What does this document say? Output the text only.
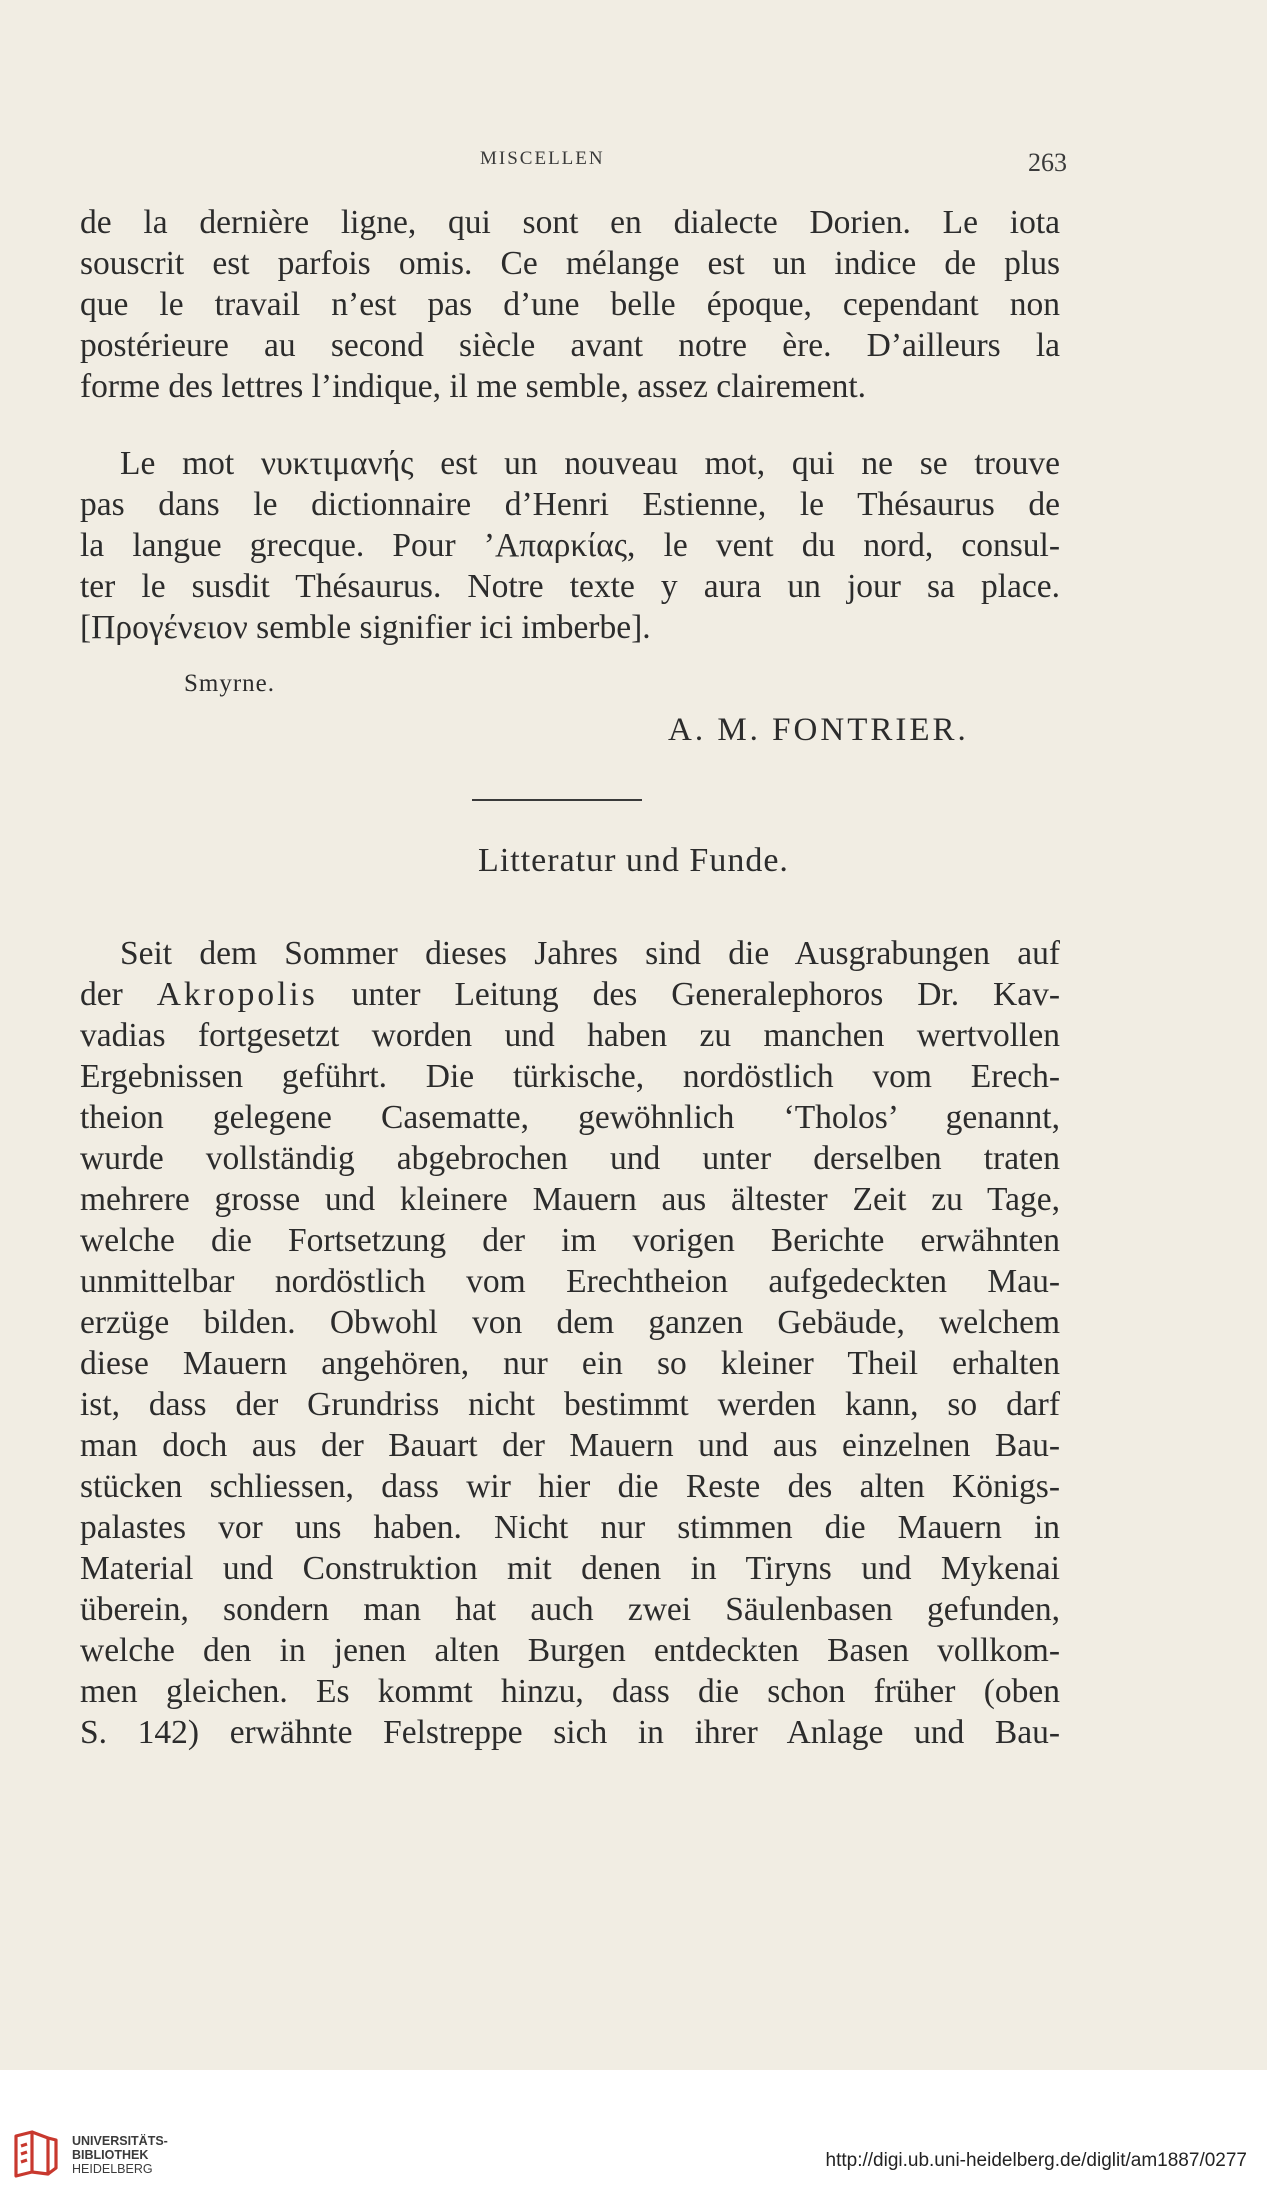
MISCELLEN	263
de la dernière ligne, qui sont en dialecte Dorien. Le iota
souscrit est parfois omis. Ce mélange est un indice de plus
que le travail n’est pas d’une belle époque, cependant non
postérieure au second siècle avant notre ère. D’ailleurs la
forme des lettres l’indique, il me semble, assez clairement.
Le mot νυκτιμανής est un nouveau mot, qui ne se trouve
pas dans le dictionnaire d’Henri Estienne, le Thésaurus de
la langue grecque. Pour ’Απαρκίας, le vent du nord, consul-
ter le susdit Thésaurus. Notre texte y aura un jour sa place.
[Προγένειον semble signifier ici imberbe].
Smyrne.
A. M. FONTRIER.
Litteratur und Funde.
Seit dem Sommer dieses Jahres sind die Ausgrabungen auf
der Akropolis unter Leitung des Generalephoros Dr. Kav-
vadias fortgesetzt worden und haben zu manchen wertvollen
Ergebnissen geführt. Die türkische, nordöstlich vom Erech-
theion gelegene Casematte, gewöhnlich ‘Tholos’ genannt,
wurde vollständig abgebrochen und unter derselben traten
mehrere grosse und kleinere Mauern aus ältester Zeit zu Tage,
welche die Fortsetzung der im vorigen Berichte erwähnten
unmittelbar nordöstlich vom Erechtheion aufgedeckten Mau-
erzüge bilden. Obwohl von dem ganzen Gebäude, welchem
diese Mauern angehören, nur ein so kleiner Theil erhalten
ist, dass der Grundriss nicht bestimmt werden kann, so darf
man doch aus der Bauart der Mauern und aus einzelnen Bau-
stücken schliessen, dass wir hier die Reste des alten Königs-
palastes vor uns haben. Nicht nur stimmen die Mauern in
Material und Construktion mit denen in Tiryns und Mykenai
überein, sondern man hat auch zwei Säulenbasen gefunden,
welche den in jenen alten Burgen entdeckten Basen vollkom-
men gleichen. Es kommt hinzu, dass die schon früher (oben
S. 142) erwähnte Felstreppe sich in ihrer Anlage und Bau-
UNIVERSITÄTS-
BIBLIOTHEK
HEIDELBERG	http://digi.ub.uni-heidelberg.de/diglit/am1887/0277
